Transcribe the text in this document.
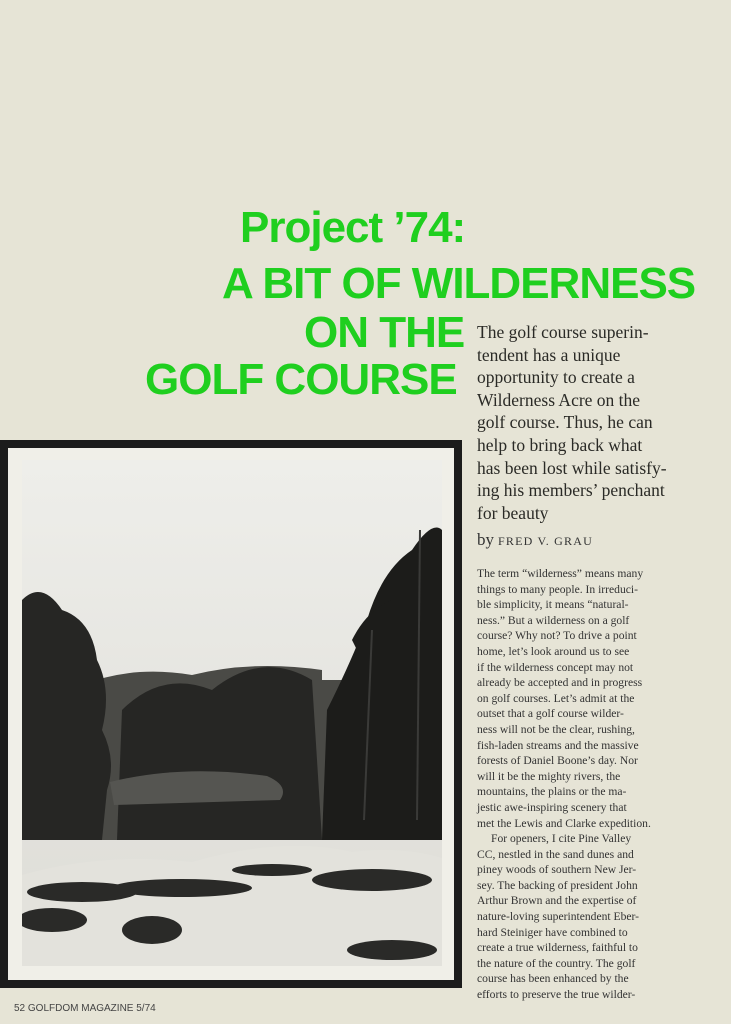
Project ’74:
A BIT OF WILDERNESS
ON THE
GOLF COURSE
The golf course superin-
tendent has a unique
opportunity to create a
Wilderness Acre on the
golf course. Thus, he can
help to bring back what
has been lost while satisfy-
ing his members’ penchant
for beauty
by FRED V. GRAU
The term “wilderness” means many
things to many people. In irreduci-
ble simplicity, it means “natural-
ness.” But a wilderness on a golf
course? Why not? To drive a point
home, let’s look around us to see
if the wilderness concept may not
already be accepted and in progress
on golf courses. Let’s admit at the
outset that a golf course wilder-
ness will not be the clear, rushing,
fish-laden streams and the massive
forests of Daniel Boone’s day. Nor
will it be the mighty rivers, the
mountains, the plains or the ma-
jestic awe-inspiring scenery that
met the Lewis and Clarke expedition.
For openers, I cite Pine Valley
CC, nestled in the sand dunes and
piney woods of southern New Jer-
sey. The backing of president John
Arthur Brown and the expertise of
nature-loving superintendent Eber-
hard Steiniger have combined to
create a true wilderness, faithful to
the nature of the country. The golf
course has been enhanced by the
efforts to preserve the true wilder-
52 GOLFDOM MAGAZINE 5/74
